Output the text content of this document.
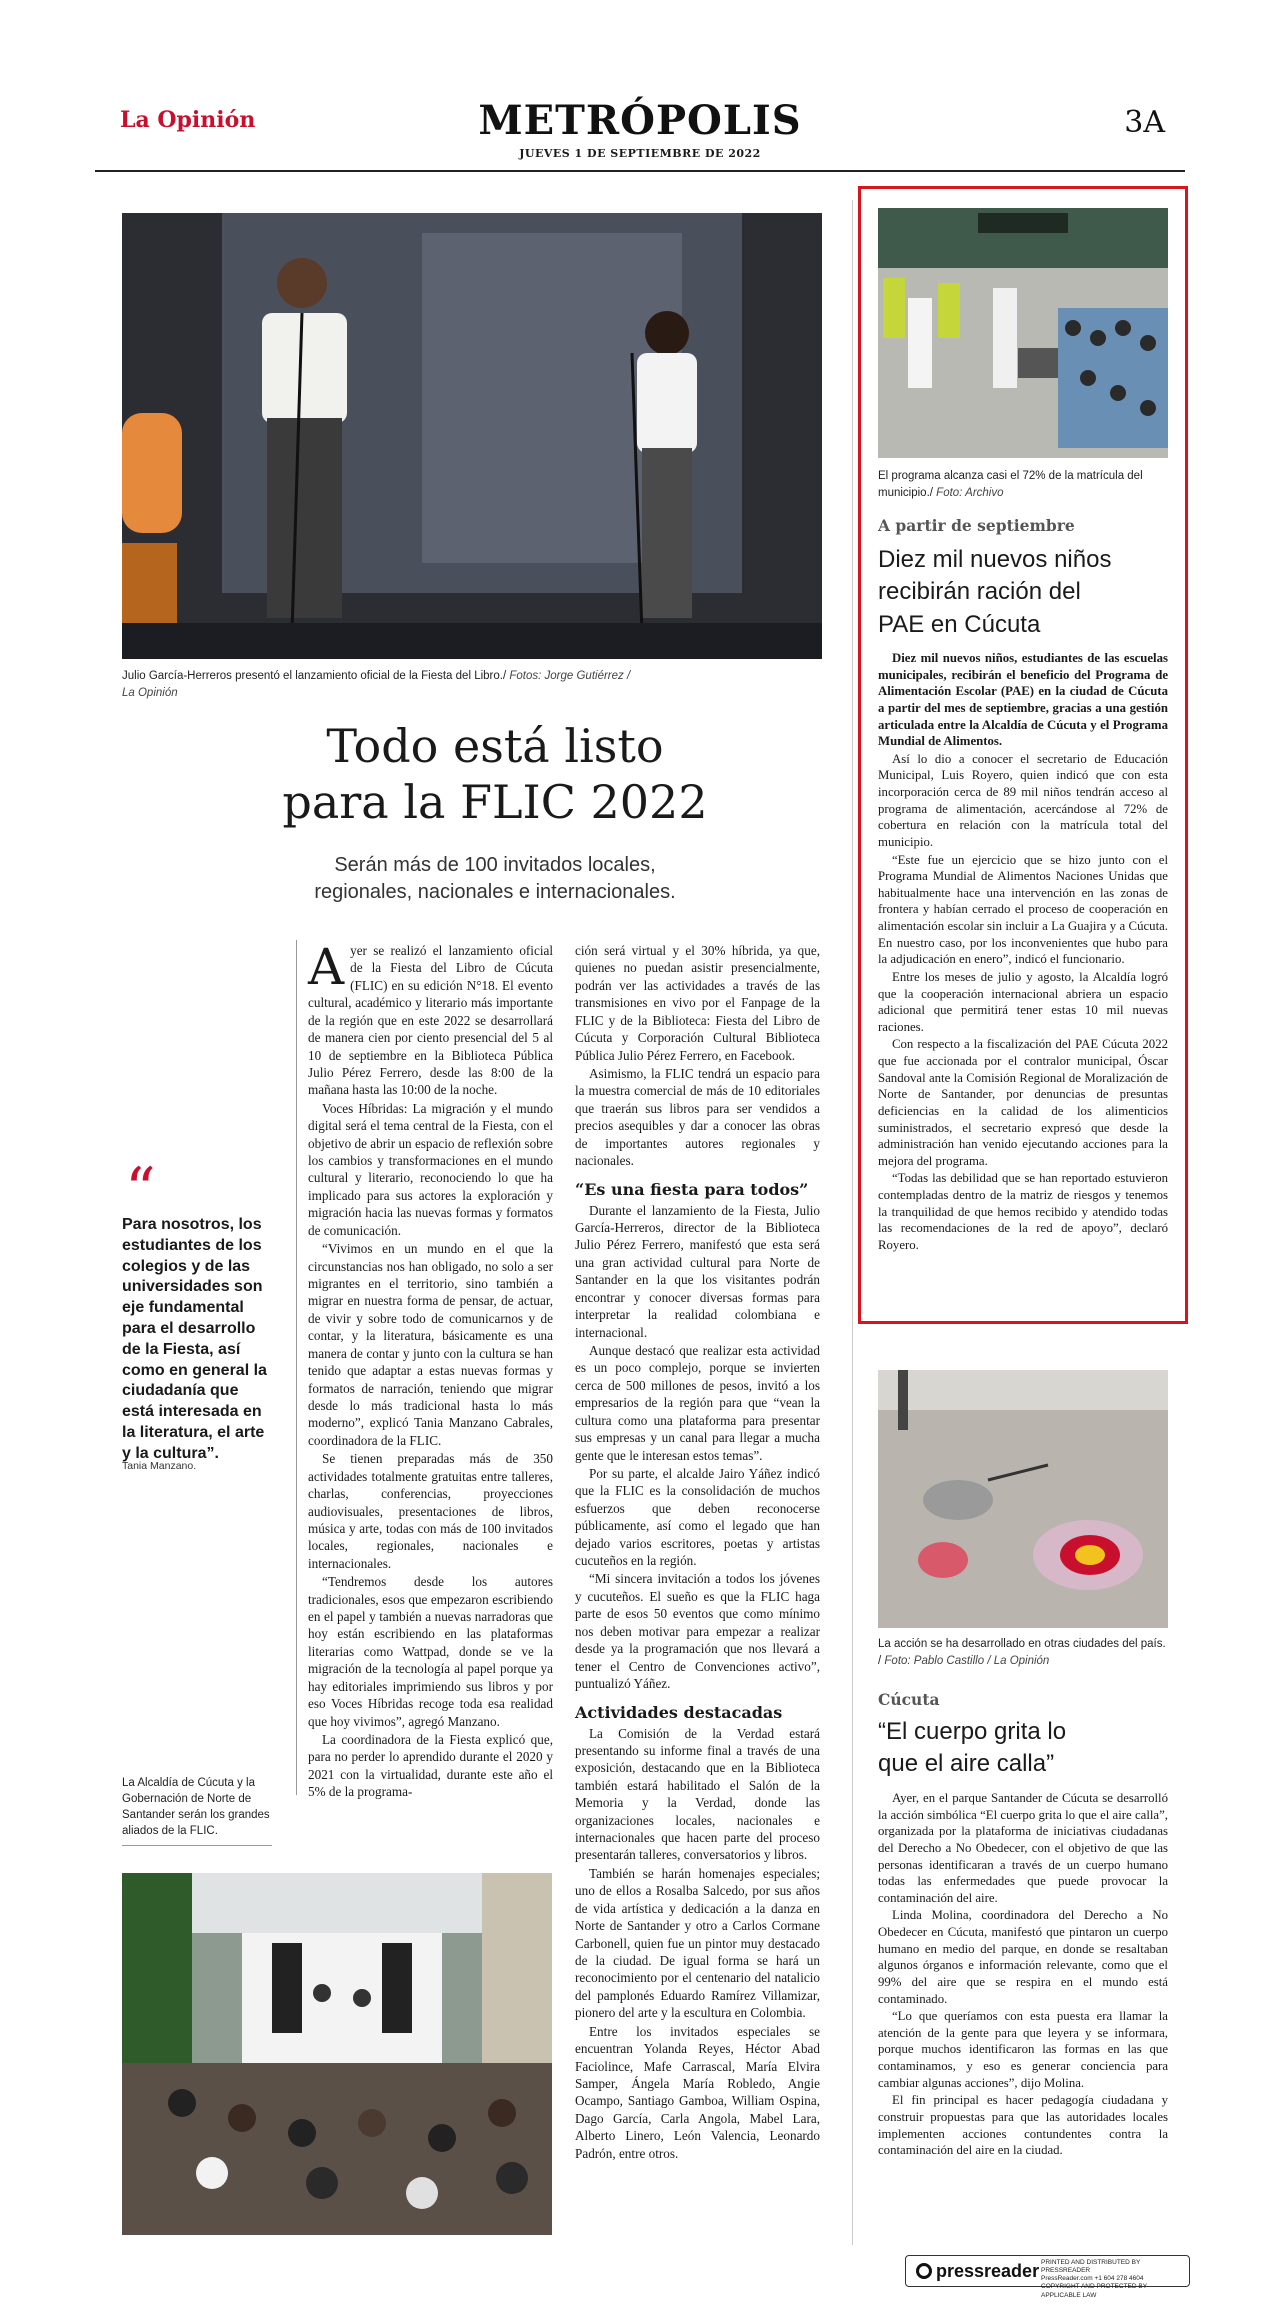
La Opinión	METRÓPOLIS	3A
JUEVES 1 DE SEPTIEMBRE DE 2022
Julio García-Herreros presentó el lanzamiento oficial de la Fiesta del Libro./ Fotos: Jorge Gutiérrez / La Opinión
Todo está listo
para la FLIC 2022
Serán más de 100 invitados locales,
regionales, nacionales e internacionales.
“
Para nosotros, los estudiantes de los colegios y de las universidades son eje fundamental para el desarrollo de la Fiesta, así como en general la ciudadanía que está interesada en la literatura, el arte y la cultura”.
Tania Manzano.
La Alcaldía de Cúcuta y la Gobernación de Norte de Santander serán los grandes aliados de la FLIC.

Ayer se realizó el lanzamiento oficial de la Fiesta del Libro de Cúcuta (FLIC) en su edición N°18. El evento cultural, académico y literario más importante de la región que en este 2022 se desarrollará de manera cien por ciento presencial del 5 al 10 de septiembre en la Biblioteca Pública Julio Pérez Ferrero, desde las 8:00 de la mañana hasta las 10:00 de la noche.

Voces Híbridas: La migración y el mundo digital será el tema central de la Fiesta, con el objetivo de abrir un espacio de reflexión sobre los cambios y transformaciones en el mundo cultural y literario, reconociendo lo que ha implicado para sus actores la exploración y migración hacia las nuevas formas y formatos de comunicación.

“Vivimos en un mundo en el que la circunstancias nos han obligado, no solo a ser migrantes en el territorio, sino también a migrar en nuestra forma de pensar, de actuar, de vivir y sobre todo de comunicarnos y de contar, y la literatura, básicamente es una manera de contar y junto con la cultura se han tenido que adaptar a estas nuevas formas y formatos de narración, teniendo que migrar desde lo más tradicional hasta lo más moderno”, explicó Tania Manzano Cabrales, coordinadora de la FLIC.

Se tienen preparadas más de 350 actividades totalmente gratuitas entre talleres, charlas, conferencias, proyecciones audiovisuales, presentaciones de libros, música y arte, todas con más de 100 invitados locales, regionales, nacionales e internacionales.

“Tendremos desde los autores tradicionales, esos que empezaron escribiendo en el papel y también a nuevas narradoras que hoy están escribiendo en las plataformas literarias como Wattpad, donde se ve la migración de la tecnología al papel porque ya hay editoriales imprimiendo sus libros y por eso Voces Híbridas recoge toda esa realidad que hoy vivimos”, agregó Manzano.

La coordinadora de la Fiesta explicó que, para no perder lo aprendido durante el 2020 y 2021 con la virtualidad, durante este año el 5% de la programa-

ción será virtual y el 30% híbrida, ya que, quienes no puedan asistir presencialmente, podrán ver las actividades a través de las transmisiones en vivo por el Fanpage de la FLIC y de la Biblioteca: Fiesta del Libro de Cúcuta y Corporación Cultural Biblioteca Pública Julio Pérez Ferrero, en Facebook.

Asimismo, la FLIC tendrá un espacio para la muestra comercial de más de 10 editoriales que traerán sus libros para ser vendidos a precios asequibles y dar a conocer las obras de importantes autores regionales y nacionales.

“Es una fiesta para todos”

Durante el lanzamiento de la Fiesta, Julio García-Herreros, director de la Biblioteca Julio Pérez Ferrero, manifestó que esta será una gran actividad cultural para Norte de Santander en la que los visitantes podrán encontrar y conocer diversas formas para interpretar la realidad colombiana e internacional.

Aunque destacó que realizar esta actividad es un poco complejo, porque se invierten cerca de 500 millones de pesos, invitó a los empresarios de la región para que “vean la cultura como una plataforma para presentar sus empresas y un canal para llegar a mucha gente que le interesan estos temas”.

Por su parte, el alcalde Jairo Yáñez indicó que la FLIC es la consolidación de muchos esfuerzos que deben reconocerse públicamente, así como el legado que han dejado varios escritores, poetas y artistas cucuteños en la región.

“Mi sincera invitación a todos los jóvenes y cucuteños. El sueño es que la FLIC haga parte de esos 50 eventos que como mínimo nos deben motivar para empezar a realizar desde ya la programación que nos llevará a tener el Centro de Convenciones activo”, puntualizó Yáñez.

Actividades destacadas

La Comisión de la Verdad estará presentando su informe final a través de una exposición, destacando que en la Biblioteca también estará habilitado el Salón de la Memoria y la Verdad, donde las organizaciones locales, nacionales e internacionales que hacen parte del proceso presentarán talleres, conversatorios y libros.

También se harán homenajes especiales; uno de ellos a Rosalba Salcedo, por sus años de vida artística y dedicación a la danza en Norte de Santander y otro a Carlos Cormane Carbonell, quien fue un pintor muy destacado de la ciudad. De igual forma se hará un reconocimiento por el centenario del natalicio del pamplonés Eduardo Ramírez Villamizar, pionero del arte y la escultura en Colombia.

Entre los invitados especiales se encuentran Yolanda Reyes, Héctor Abad Faciolince, Mafe Carrascal, María Elvira Samper, Ángela María Robledo, Angie Ocampo, Santiago Gamboa, William Ospina, Dago García, Carla Angola, Mabel Lara, Alberto Linero, León Valencia, Leonardo Padrón, entre otros.

El programa alcanza casi el 72% de la matrícula del municipio./ Foto: Archivo
A partir de septiembre
Diez mil nuevos niños
recibirán ración del
PAE en Cúcuta

Diez mil nuevos niños, estudiantes de las escuelas municipales, recibirán el beneficio del Programa de Alimentación Escolar (PAE) en la ciudad de Cúcuta a partir del mes de septiembre, gracias a una gestión articulada entre la Alcaldía de Cúcuta y el Programa Mundial de Alimentos.

Así lo dio a conocer el secretario de Educación Municipal, Luis Royero, quien indicó que con esta incorporación cerca de 89 mil niños tendrán acceso al programa de alimentación, acercándose al 72% de cobertura en relación con la matrícula total del municipio.

“Este fue un ejercicio que se hizo junto con el Programa Mundial de Alimentos Naciones Unidas que habitualmente hace una intervención en las zonas de frontera y habían cerrado el proceso de cooperación en alimentación escolar sin incluir a La Guajira y a Cúcuta. En nuestro caso, por los inconvenientes que hubo para la adjudicación en enero”, indicó el funcionario.

Entre los meses de julio y agosto, la Alcaldía logró que la cooperación internacional abriera un espacio adicional que permitirá tener estas 10 mil nuevas raciones.

Con respecto a la fiscalización del PAE Cúcuta 2022 que fue accionada por el contralor municipal, Óscar Sandoval ante la Comisión Regional de Moralización de Norte de Santander, por denuncias de presuntas deficiencias en la calidad de los alimenticios suministrados, el secretario expresó que desde la administración han venido ejecutando acciones para la mejora del programa.

“Todas las debilidad que se han reportado estuvieron contempladas dentro de la matriz de riesgos y tenemos la tranquilidad de que hemos recibido y atendido todas las recomendaciones de la red de apoyo”, declaró Royero.

La acción se ha desarrollado en otras ciudades del país. / Foto: Pablo Castillo / La Opinión
Cúcuta
“El cuerpo grita lo
que el aire calla”

Ayer, en el parque Santander de Cúcuta se desarrolló la acción simbólica “El cuerpo grita lo que el aire calla”, organizada por la plataforma de iniciativas ciudadanas del Derecho a No Obedecer, con el objetivo de que las personas identificaran a través de un cuerpo humano todas las enfermedades que puede provocar la contaminación del aire.

Linda Molina, coordinadora del Derecho a No Obedecer en Cúcuta, manifestó que pintaron un cuerpo humano en medio del parque, en donde se resaltaban algunos órganos e información relevante, como que el 99% del aire que se respira en el mundo está contaminado.

“Lo que queríamos con esta puesta era llamar la atención de la gente para que leyera y se informara, porque muchos identificaron las formas en las que contaminamos, y eso es generar conciencia para cambiar algunas acciones”, dijo Molina.

El fin principal es hacer pedagogía ciudadana y construir propuestas para que las autoridades locales implementen acciones contundentes contra la contaminación del aire en la ciudad.

pressreader PRINTED AND DISTRIBUTED BY PRESSREADER
PressReader.com +1 604 278 4604
COPYRIGHT AND PROTECTED BY APPLICABLE LAW
